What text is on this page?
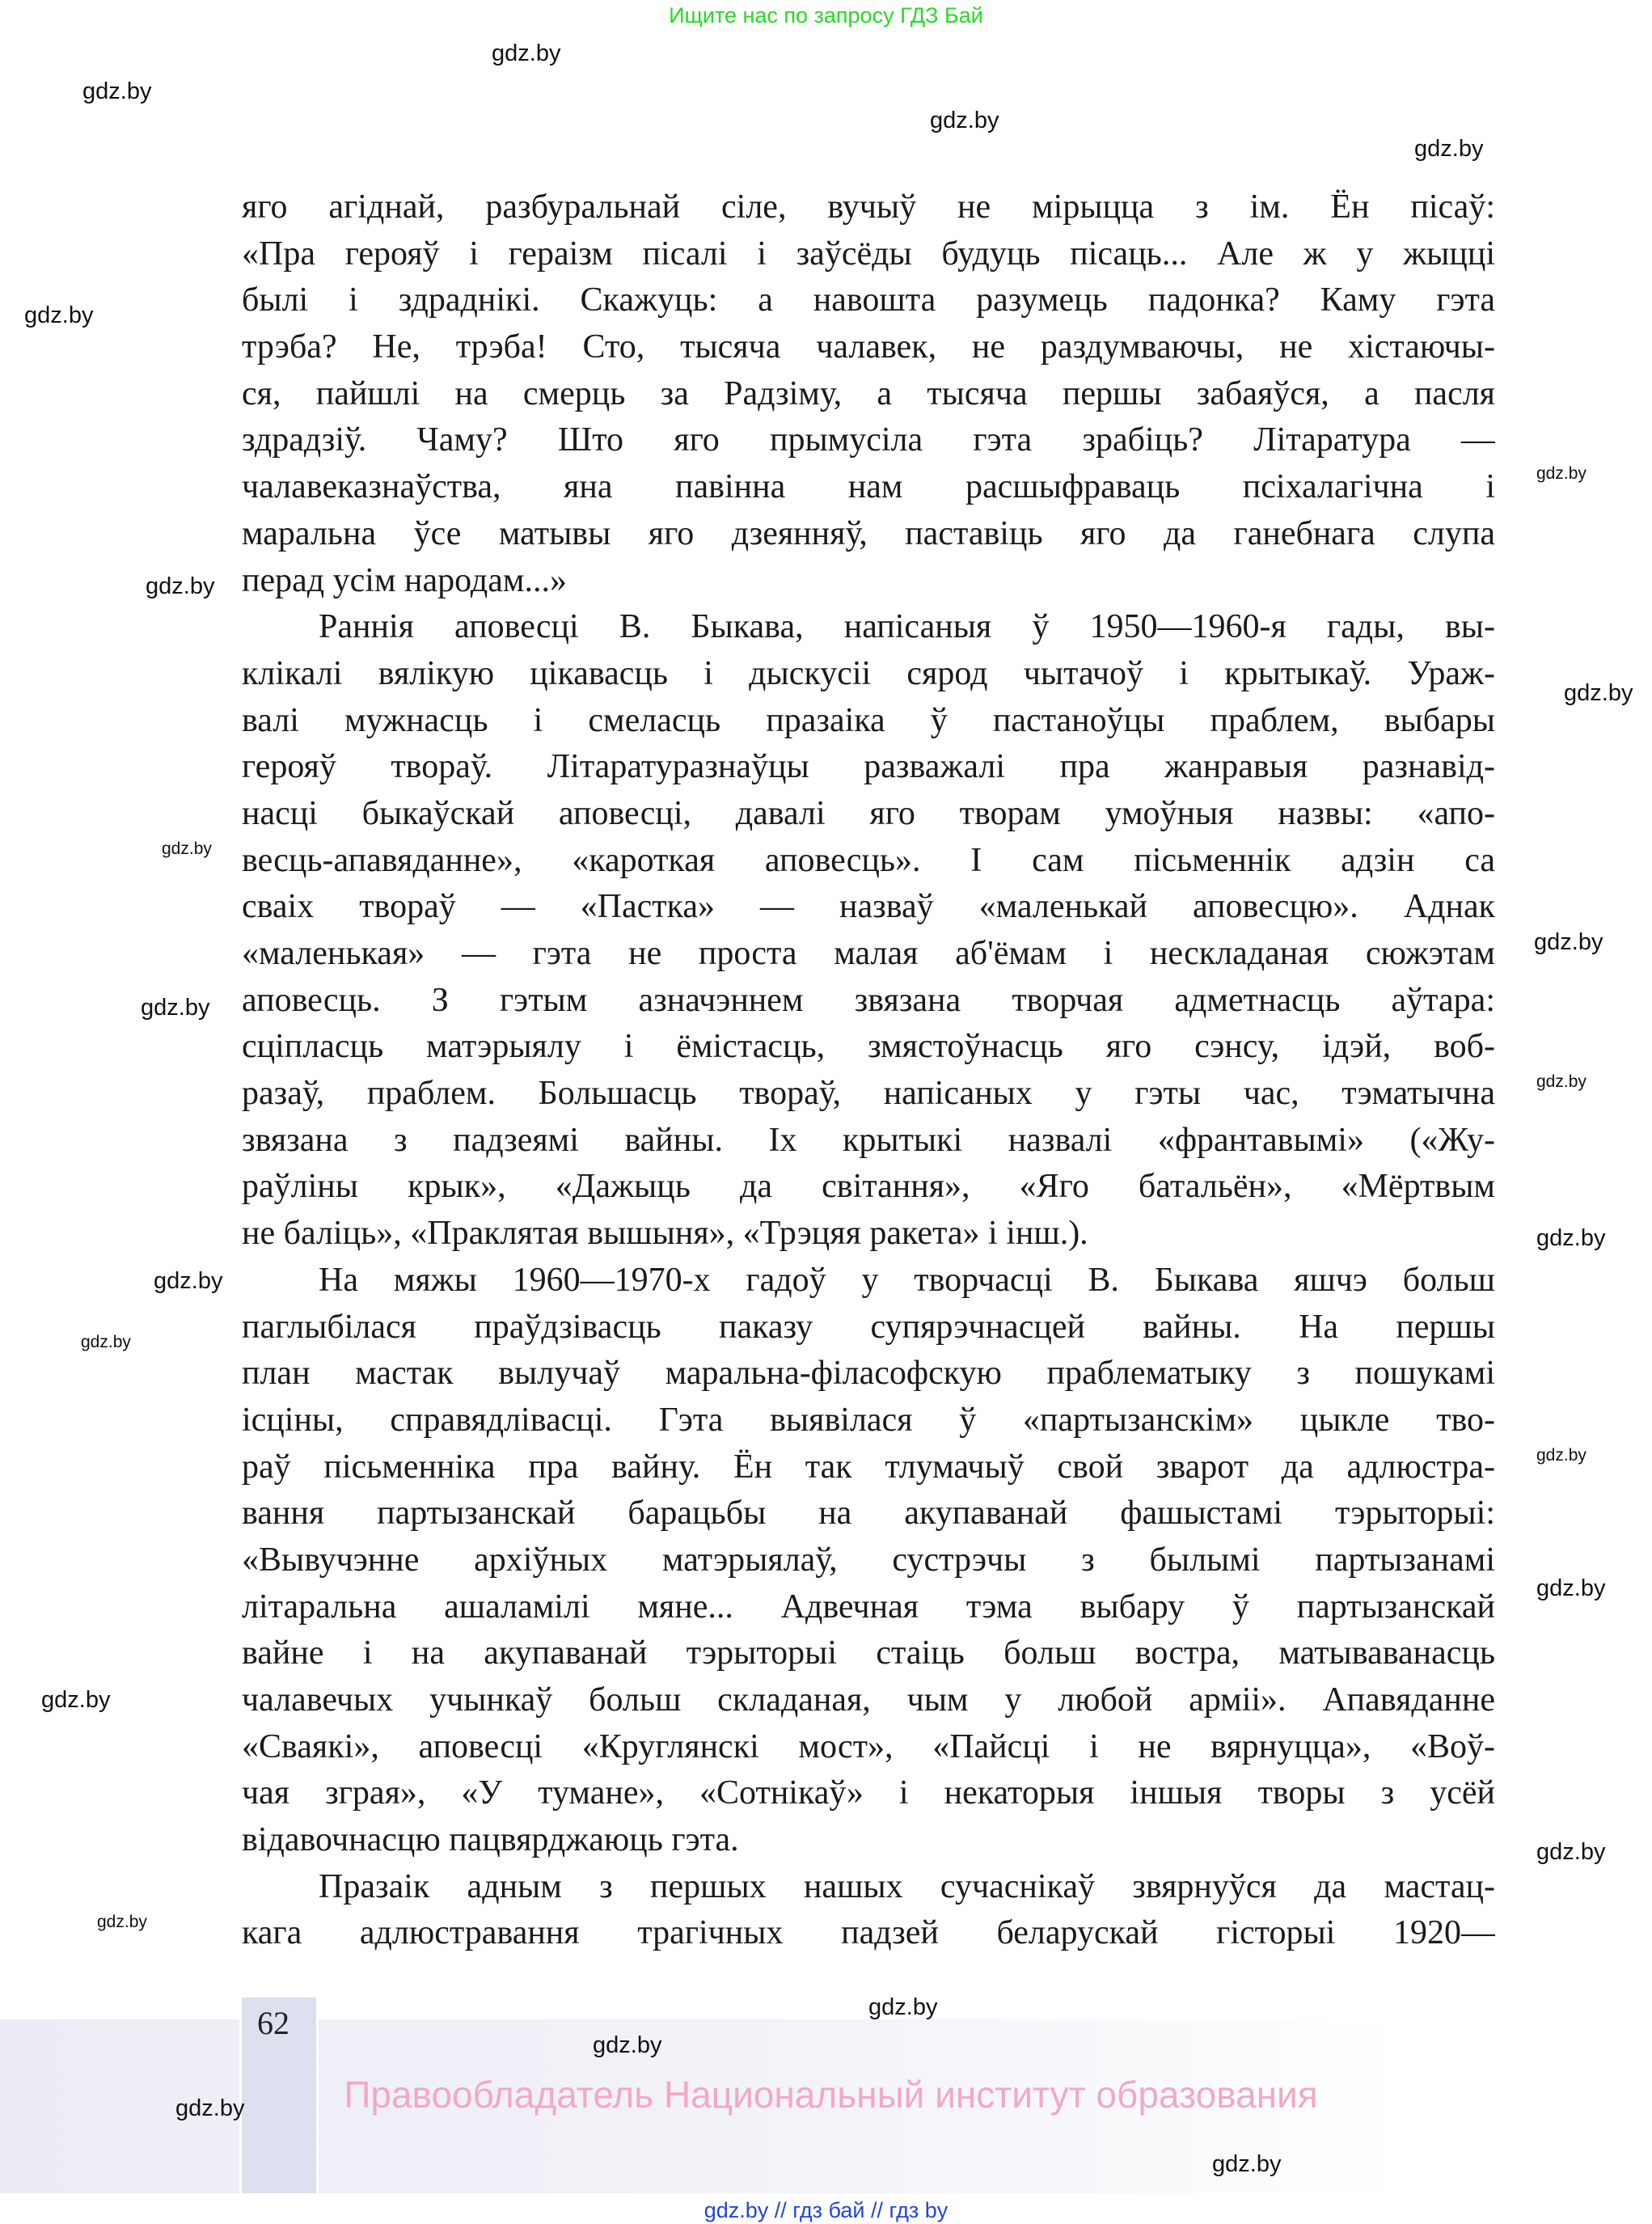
Ищите нас по запросу ГДЗ Бай
62
Правообладатель Национальный институт образования
gdz.by // гдз бай // гдз by
яго агіднай, разбуральнай сіле, вучыў не мірыцца з ім. Ён пісаў:
«Пра герояў і гераізм пісалі і заўсёды будуць пісаць... Але ж у жыцці
былі і здраднікі. Скажуць: а навошта разумець падонка? Каму гэта
трэба? Не, трэба! Сто, тысяча чалавек, не раздумваючы, не хістаючы-
ся, пайшлі на смерць за Радзіму, а тысяча першы забаяўся, а пасля
здрадзіў. Чаму? Што яго прымусіла гэта зрабіць? Літаратура —
чалавеказнаўства, яна павінна нам расшыфраваць псіхалагічна і
маральна ўсе матывы яго дзеянняў, паставіць яго да ганебнага слупа
перад усім народам...»
Раннія аповесці В. Быкава, напісаныя ў 1950—1960-я гады, вы-
клікалі вялікую цікавасць і дыскусіі сярод чытачоў і крытыкаў. Ураж-
валі мужнасць і смеласць празаіка ў пастаноўцы праблем, выбары
герояў твораў. Літаратуразнаўцы разважалі пра жанравыя разнавід-
насці быкаўскай аповесці, давалі яго творам умоўныя назвы: «апо-
весць-апавяданне», «кароткая аповесць». І сам пісьменнік адзін са
сваіх твораў — «Пастка» — назваў «маленькай аповесцю». Аднак
«маленькая» — гэта не проста малая аб'ёмам і нескладаная сюжэтам
аповесць. З гэтым азначэннем звязана творчая адметнасць аўтара:
сціпласць матэрыялу і ёмістасць, змястоўнасць яго сэнсу, ідэй, воб-
разаў, праблем. Большасць твораў, напісаных у гэты час, тэматычна
звязана з падзеямі вайны. Іх крытыкі назвалі «франтавымі» («Жу-
раўліны крык», «Дажыць да світання», «Яго батальён», «Мёртвым
не баліць», «Праклятая вышыня», «Трэцяя ракета» і інш.).
На мяжы 1960—1970-х гадоў у творчасці В. Быкава яшчэ больш
паглыбілася праўдзівасць паказу супярэчнасцей вайны. На першы
план мастак вылучаў маральна-філасофскую праблематыку з пошукамі
ісціны, справядлівасці. Гэта выявілася ў «партызанскім» цыкле тво-
раў пісьменніка пра вайну. Ён так тлумачыў свой зварот да адлюстра-
вання партызанскай барацьбы на акупаванай фашыстамі тэрыторыі:
«Вывучэнне архіўных матэрыялаў, сустрэчы з былымі партызанамі
літаральна ашаламілі мяне... Адвечная тэма выбару ў партызанскай
вайне і на акупаванай тэрыторыі стаіць больш востра, матываванасць
чалавечых учынкаў больш складаная, чым у любой арміі». Апавяданне
«Сваякі», аповесці «Круглянскі мост», «Пайсці і не вярнуцца», «Воў-
чая зграя», «У тумане», «Сотнікаў» і некаторыя іншыя творы з усёй
відавочнасцю пацвярджаюць гэта.
Празаік адным з першых нашых сучаснікаў звярнуўся да мастац-
кага адлюстравання трагічных падзей беларускай гісторыі 1920—
gdz.by
gdz.by
gdz.by
gdz.by
gdz.by
gdz.by
gdz.by
gdz.by
gdz.by
gdz.by
gdz.by
gdz.by
gdz.by
gdz.by
gdz.by
gdz.by
gdz.by
gdz.by
gdz.by
gdz.by
gdz.by
gdz.by
gdz.by
gdz.by
